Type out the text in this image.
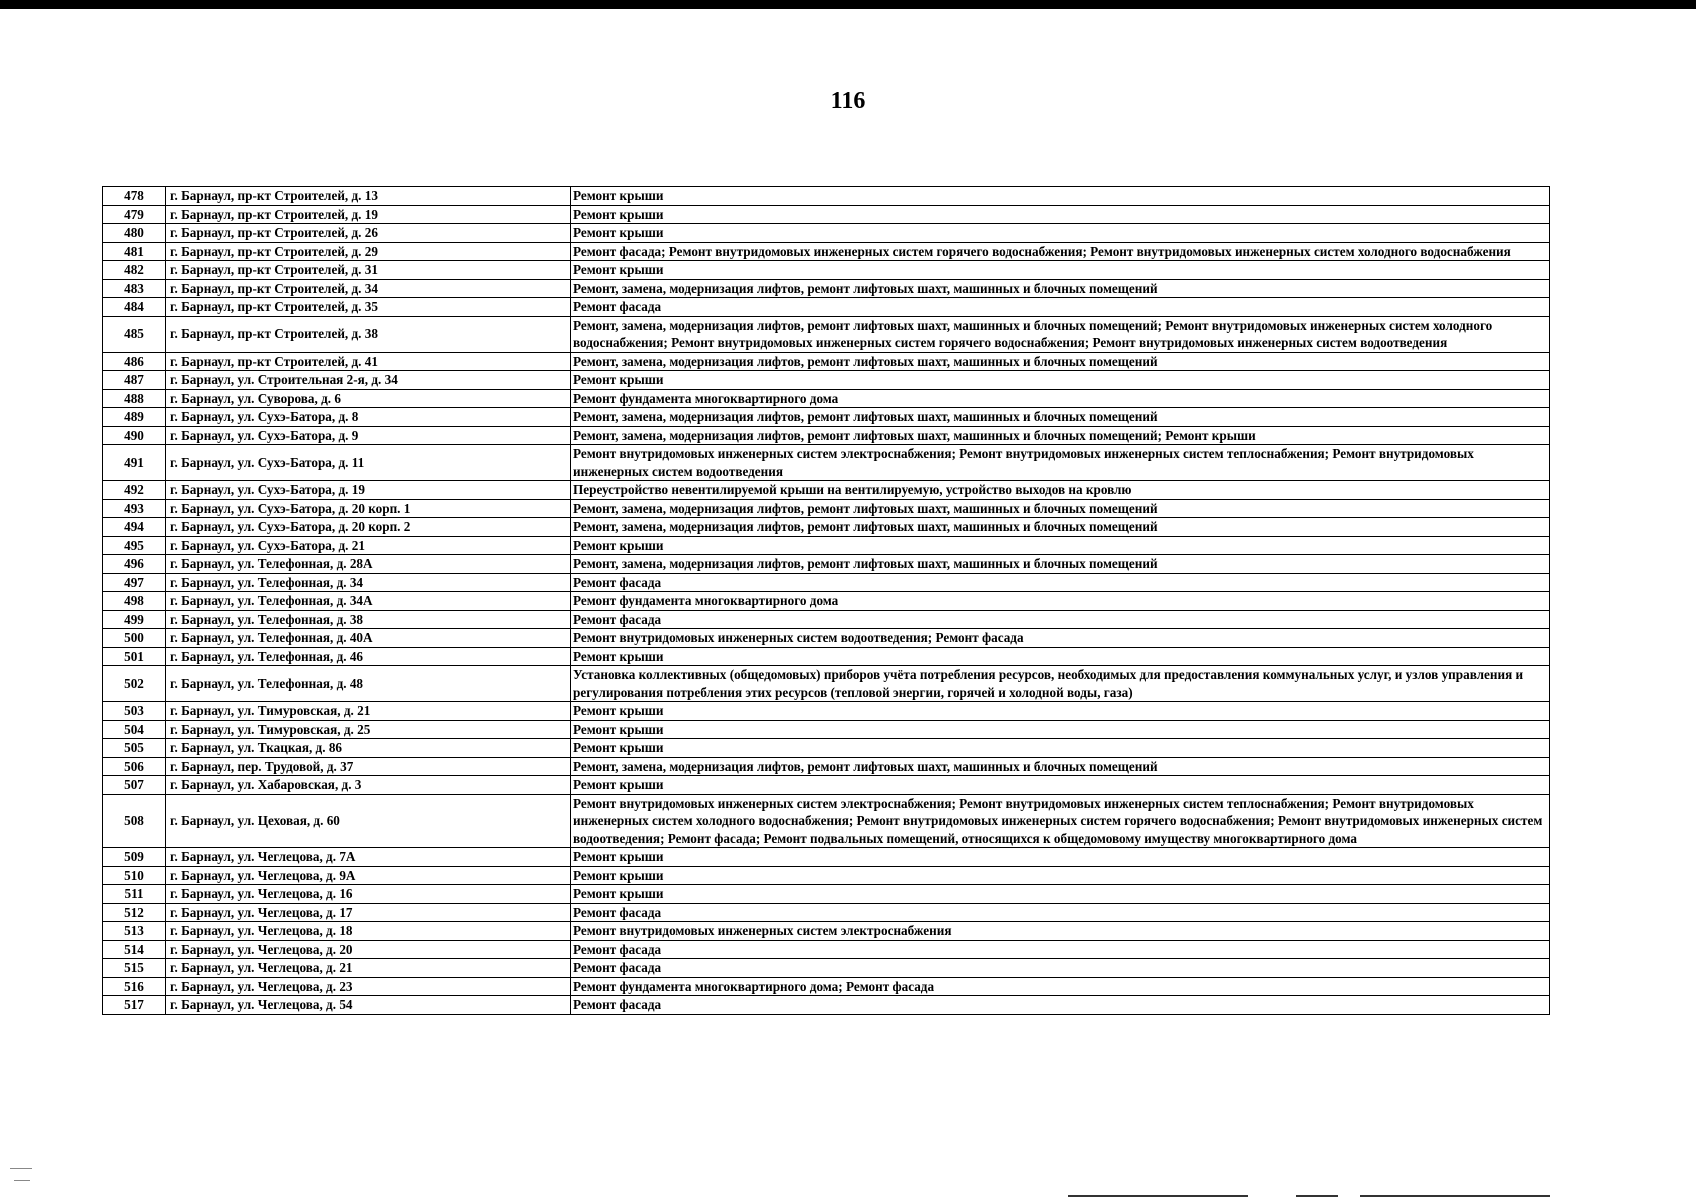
116
478	г. Барнаул, пр-кт Строителей, д. 13	Ремонт крыши
479	г. Барнаул, пр-кт Строителей, д. 19	Ремонт крыши
480	г. Барнаул, пр-кт Строителей, д. 26	Ремонт крыши
481	г. Барнаул, пр-кт Строителей, д. 29	Ремонт фасада; Ремонт внутридомовых инженерных систем горячего водоснабжения; Ремонт внутридомовых инженерных систем холодного водоснабжения
482	г. Барнаул, пр-кт Строителей, д. 31	Ремонт крыши
483	г. Барнаул, пр-кт Строителей, д. 34	Ремонт, замена, модернизация лифтов, ремонт лифтовых шахт, машинных и блочных помещений
484	г. Барнаул, пр-кт Строителей, д. 35	Ремонт фасада
485	г. Барнаул, пр-кт Строителей, д. 38	Ремонт, замена, модернизация лифтов, ремонт лифтовых шахт, машинных и блочных помещений; Ремонт внутридомовых инженерных систем холодного водоснабжения; Ремонт внутридомовых инженерных систем горячего водоснабжения; Ремонт внутридомовых инженерных систем водоотведения
486	г. Барнаул, пр-кт Строителей, д. 41	Ремонт, замена, модернизация лифтов, ремонт лифтовых шахт, машинных и блочных помещений
487	г. Барнаул, ул. Строительная 2-я, д. 34	Ремонт крыши
488	г. Барнаул, ул. Суворова, д. 6	Ремонт фундамента многоквартирного дома
489	г. Барнаул, ул. Сухэ-Батора, д. 8	Ремонт, замена, модернизация лифтов, ремонт лифтовых шахт, машинных и блочных помещений
490	г. Барнаул, ул. Сухэ-Батора, д. 9	Ремонт, замена, модернизация лифтов, ремонт лифтовых шахт, машинных и блочных помещений; Ремонт крыши
491	г. Барнаул, ул. Сухэ-Батора, д. 11	Ремонт внутридомовых инженерных систем электроснабжения; Ремонт внутридомовых инженерных систем теплоснабжения; Ремонт внутридомовых инженерных систем водоотведения
492	г. Барнаул, ул. Сухэ-Батора, д. 19	Переустройство невентилируемой крыши на вентилируемую, устройство выходов на кровлю
493	г. Барнаул, ул. Сухэ-Батора, д. 20 корп. 1	Ремонт, замена, модернизация лифтов, ремонт лифтовых шахт, машинных и блочных помещений
494	г. Барнаул, ул. Сухэ-Батора, д. 20 корп. 2	Ремонт, замена, модернизация лифтов, ремонт лифтовых шахт, машинных и блочных помещений
495	г. Барнаул, ул. Сухэ-Батора, д. 21	Ремонт крыши
496	г. Барнаул, ул. Телефонная, д. 28А	Ремонт, замена, модернизация лифтов, ремонт лифтовых шахт, машинных и блочных помещений
497	г. Барнаул, ул. Телефонная, д. 34	Ремонт фасада
498	г. Барнаул, ул. Телефонная, д. 34А	Ремонт фундамента многоквартирного дома
499	г. Барнаул, ул. Телефонная, д. 38	Ремонт фасада
500	г. Барнаул, ул. Телефонная, д. 40А	Ремонт внутридомовых инженерных систем водоотведения; Ремонт фасада
501	г. Барнаул, ул. Телефонная, д. 46	Ремонт крыши
502	г. Барнаул, ул. Телефонная, д. 48	Установка коллективных (общедомовых) приборов учёта потребления ресурсов, необходимых для предоставления коммунальных услуг, и узлов управления и регулирования потребления этих ресурсов (тепловой энергии, горячей и холодной воды, газа)
503	г. Барнаул, ул. Тимуровская, д. 21	Ремонт крыши
504	г. Барнаул, ул. Тимуровская, д. 25	Ремонт крыши
505	г. Барнаул, ул. Ткацкая, д. 86	Ремонт крыши
506	г. Барнаул, пер. Трудовой, д. 37	Ремонт, замена, модернизация лифтов, ремонт лифтовых шахт, машинных и блочных помещений
507	г. Барнаул, ул. Хабаровская, д. 3	Ремонт крыши
508	г. Барнаул, ул. Цеховая, д. 60	Ремонт внутридомовых инженерных систем электроснабжения; Ремонт внутридомовых инженерных систем теплоснабжения; Ремонт внутридомовых инженерных систем холодного водоснабжения; Ремонт внутридомовых инженерных систем горячего водоснабжения; Ремонт внутридомовых инженерных систем водоотведения; Ремонт фасада; Ремонт подвальных помещений, относящихся к общедомовому имуществу многоквартирного дома
509	г. Барнаул, ул. Чеглецова, д. 7А	Ремонт крыши
510	г. Барнаул, ул. Чеглецова, д. 9А	Ремонт крыши
511	г. Барнаул, ул. Чеглецова, д. 16	Ремонт крыши
512	г. Барнаул, ул. Чеглецова, д. 17	Ремонт фасада
513	г. Барнаул, ул. Чеглецова, д. 18	Ремонт внутридомовых инженерных систем электроснабжения
514	г. Барнаул, ул. Чеглецова, д. 20	Ремонт фасада
515	г. Барнаул, ул. Чеглецова, д. 21	Ремонт фасада
516	г. Барнаул, ул. Чеглецова, д. 23	Ремонт фундамента многоквартирного дома; Ремонт фасада
517	г. Барнаул, ул. Чеглецова, д. 54	Ремонт фасада
